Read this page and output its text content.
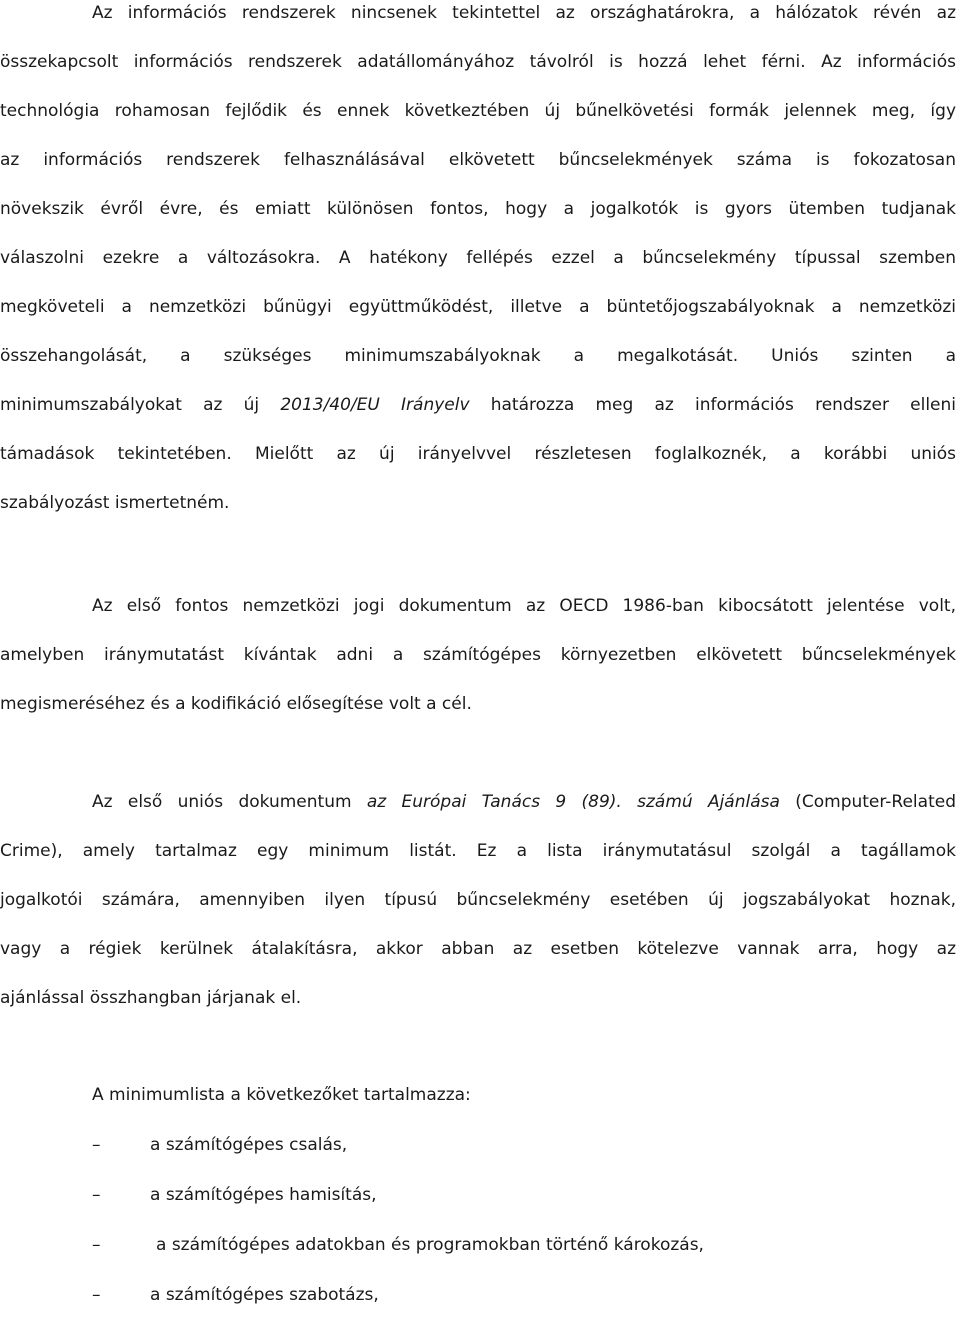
Az információs rendszerek nincsenek tekintettel az országhatárokra, a hálózatok révén az
összekapcsolt információs rendszerek adatállományához távolról is hozzá lehet férni. Az információs
technológia rohamosan fejlődik és ennek következtében új bűnelkövetési formák jelennek meg, így
az információs rendszerek felhasználásával elkövetett bűncselekmények száma is fokozatosan
növekszik évről évre, és emiatt különösen fontos, hogy a jogalkotók is gyors ütemben tudjanak
válaszolni ezekre a változásokra. A hatékony fellépés ezzel a bűncselekmény típussal szemben
megköveteli a nemzetközi bűnügyi együttműködést, illetve a büntetőjogszabályoknak a nemzetközi
összehangolását, a szükséges minimumszabályoknak a megalkotását. Uniós szinten a
minimumszabályokat az új 2013/40/EU Irányelv határozza meg az információs rendszer elleni
támadások tekintetében. Mielőtt az új irányelvvel részletesen foglalkoznék, a korábbi uniós
szabályozást ismertetném.
Az első fontos nemzetközi jogi dokumentum az OECD 1986-ban kibocsátott jelentése volt,
amelyben iránymutatást kívántak adni a számítógépes környezetben elkövetett bűncselekmények
megismeréséhez és a kodifikáció elősegítése volt a cél.
Az első uniós dokumentum az Európai Tanács 9 (89). számú Ajánlása (Computer-Related
Crime), amely tartalmaz egy minimum listát. Ez a lista iránymutatásul szolgál a tagállamok
jogalkotói számára, amennyiben ilyen típusú bűncselekmény esetében új jogszabályokat hoznak,
vagy a régiek kerülnek átalakításra, akkor abban az esetben kötelezve vannak arra, hogy az
ajánlással összhangban járjanak el.
A minimumlista a következőket tartalmazza:
–	a számítógépes csalás,
–	a számítógépes hamisítás,
–	a számítógépes adatokban és programokban történő károkozás,
–	a számítógépes szabotázs,
